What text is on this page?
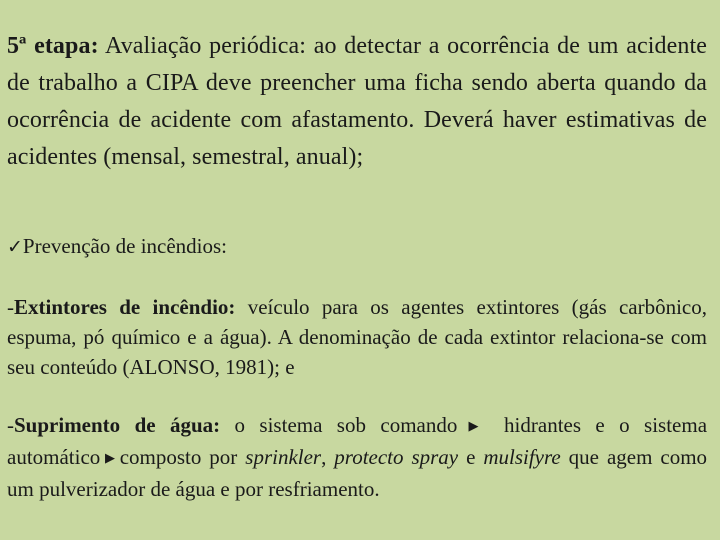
5ª etapa: Avaliação periódica: ao detectar a ocorrência de um acidente de trabalho a CIPA deve preencher uma ficha sendo aberta quando da ocorrência de acidente com afastamento. Deverá haver estimativas de acidentes (mensal, semestral, anual);
✓Prevenção de incêndios:
-Extintores de incêndio: veículo para os agentes extintores (gás carbônico, espuma, pó químico e a água). A denominação de cada extintor relaciona-se com seu conteúdo (ALONSO, 1981); e
-Suprimento de água: o sistema sob comando ▶ hidrantes e o sistema automático ▶composto por sprinkler, protecto spray e mulsifyre que agem como um pulverizador de água e por resfriamento.
